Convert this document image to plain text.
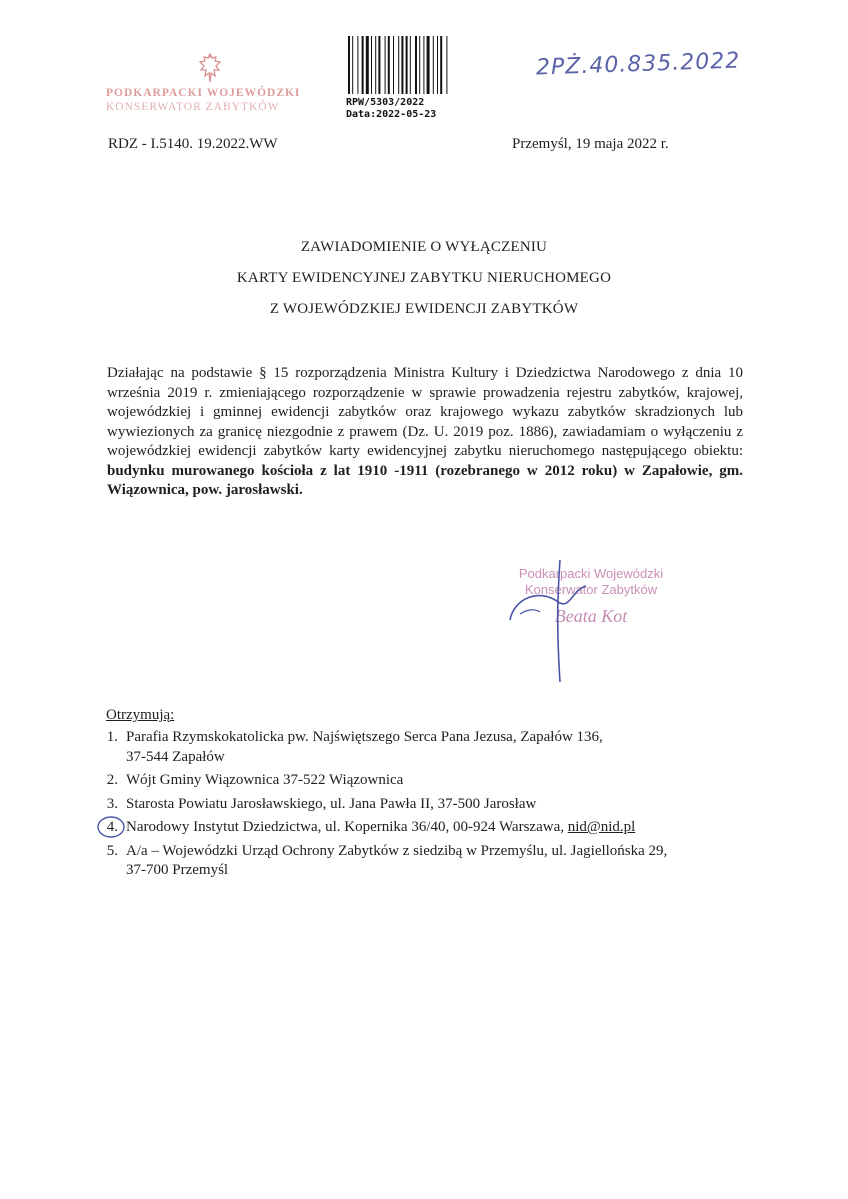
PODKARPACKI WOJEWÓDZKI
KONSERWATOR ZABYTKÓW	RPW/5303/2022
Data:2022-05-23
2PŻ.40.835.2022
RDZ - I.5140. 19.2022.WW	Przemyśl, 19 maja 2022 r.
ZAWIADOMIENIE O WYŁĄCZENIU
KARTY EWIDENCYJNEJ ZABYTKU NIERUCHOMEGO
Z WOJEWÓDZKIEJ EWIDENCJI ZABYTKÓW
Działając na podstawie § 15 rozporządzenia Ministra Kultury i Dziedzictwa Narodowego z dnia 10 września 2019 r. zmieniającego rozporządzenie w sprawie prowadzenia rejestru zabytków, krajowej, wojewódzkiej i gminnej ewidencji zabytków oraz krajowego wykazu zabytków skradzionych lub wywiezionych za granicę niezgodnie z prawem (Dz. U. 2019 poz. 1886), zawiadamiam o wyłączeniu z wojewódzkiej ewidencji zabytków karty ewidencyjnej zabytku nieruchomego następującego obiektu: budynku murowanego kościoła z lat 1910 -1911 (rozebranego w 2012 roku) w Zapałowie, gm. Wiązownica, pow. jarosławski.
Podkarpacki Wojewódzki
Konserwator Zabytków
Beata Kot
Otrzymują:
1. Parafia Rzymskokatolicka pw. Najświętszego Serca Pana Jezusa, Zapałów 136,
37-544 Zapałów
2. Wójt Gminy Wiązownica 37-522 Wiązownica
3. Starosta Powiatu Jarosławskiego, ul. Jana Pawła II, 37-500 Jarosław
4. Narodowy Instytut Dziedzictwa, ul. Kopernika 36/40, 00-924 Warszawa, nid@nid.pl
5. A/a – Wojewódzki Urząd Ochrony Zabytków z siedzibą w Przemyślu, ul. Jagiellońska 29,
37-700 Przemyśl
